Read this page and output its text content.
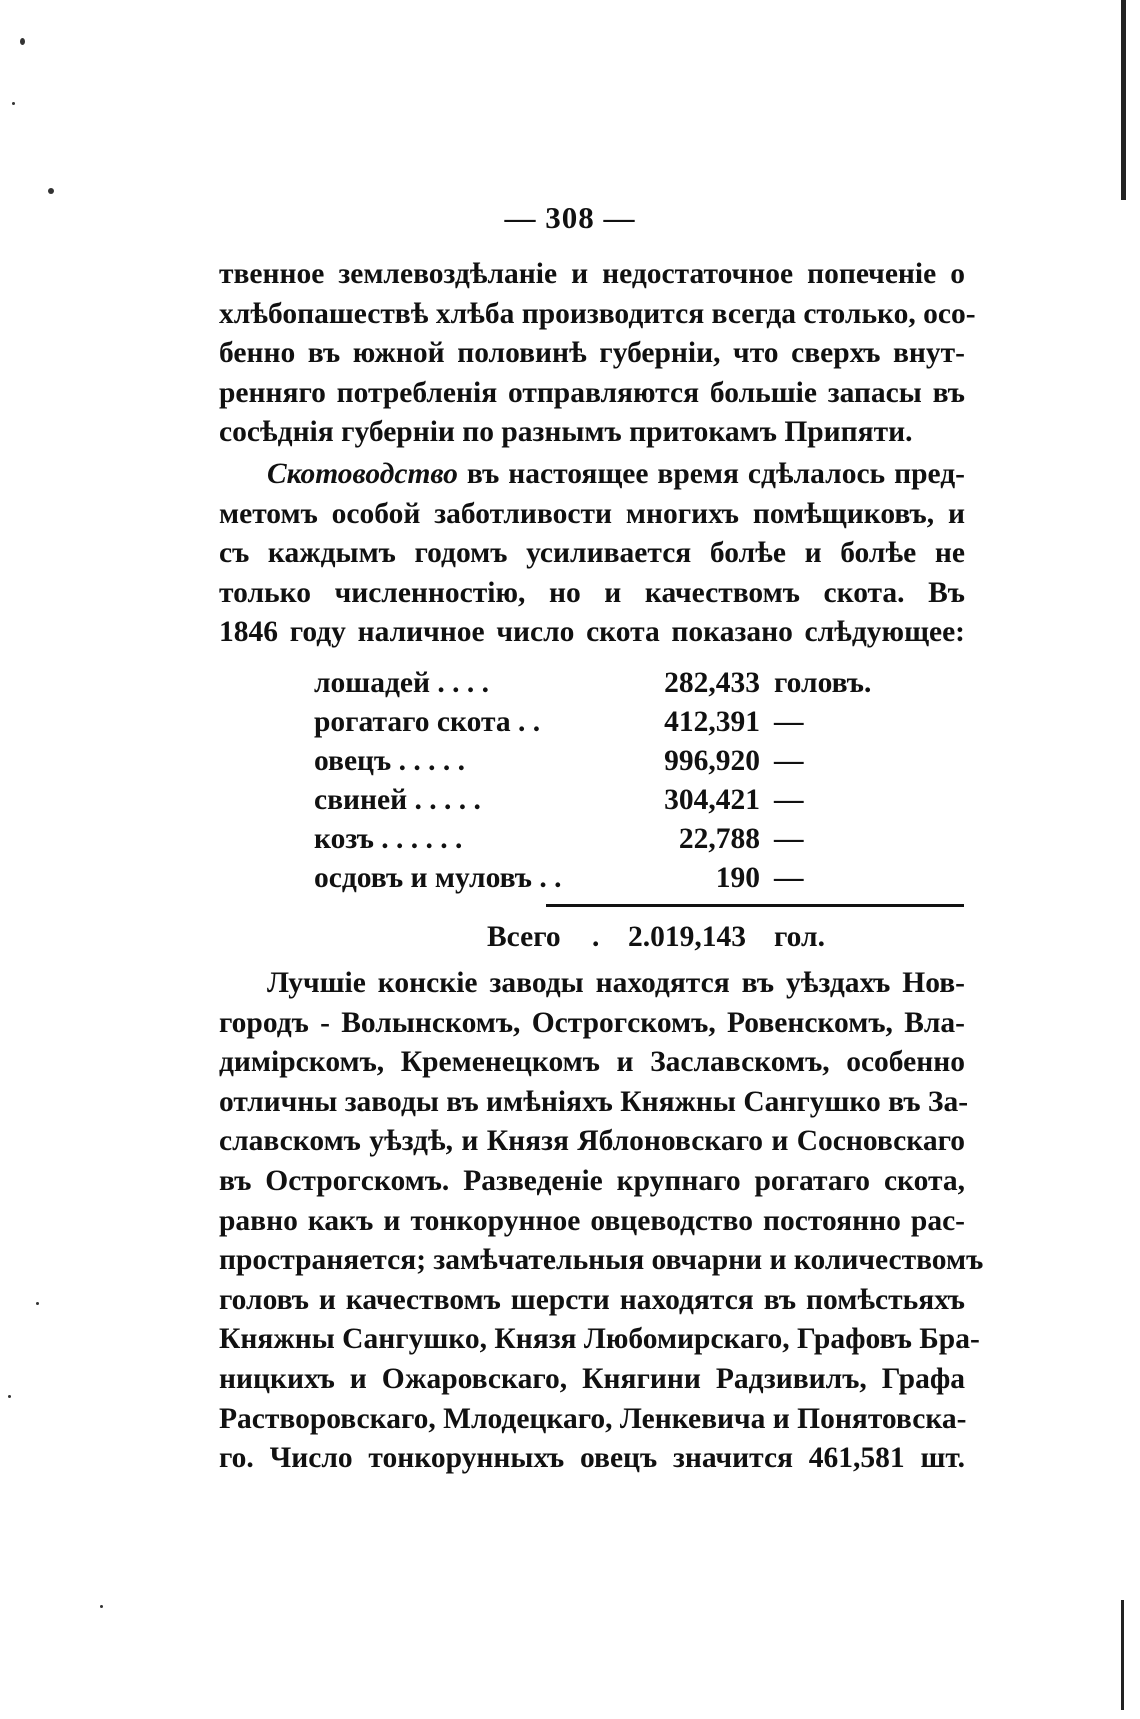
— 308 —
твенное землевоздѣланіе и недостаточное попеченіе о
хлѣбопашествѣ хлѣба производится всегда столько, осо-
бенно въ южной половинѣ губерніи, что сверхъ внут-
ренняго потребленія отправляются большіе запасы въ
сосѣднія губерніи по разнымъ притокамъ Припяти.
Скотоводство въ настоящее время сдѣлалось пред-
метомъ особой заботливости многихъ помѣщиковъ, и
съ каждымъ годомъ усиливается болѣе и болѣе не
только численностію, но и качествомъ скота. Въ
1846 году наличное число скота показано слѣдующее:
лошадей . . . .	282,433 головъ.
рогатаго скота . .	412,391 —
овецъ . . . . .	996,920 —
свиней . . . . .	304,421 —
козъ . . . . . .	22,788 —
осдовъ и муловъ . .	190 —
Всего . 2.019,143 гол.
Лучшіе конскіе заводы находятся въ уѣздахъ Нов-
городъ - Волынскомъ, Острогскомъ, Ровенскомъ, Вла-
димірскомъ, Кременецкомъ и Заславскомъ, особенно
отличны заводы въ имѣніяхъ Княжны Сангушко въ За-
славскомъ уѣздѣ, и Князя Яблоновскаго и Сосновскаго
въ Острогскомъ. Разведеніе крупнаго рогатаго скота,
равно какъ и тонкорунное овцеводство постоянно рас-
пространяется; замѣчательныя овчарни и количествомъ
головъ и качествомъ шерсти находятся въ помѣстьяхъ
Княжны Сангушко, Князя Любомирскаго, Графовъ Бра-
ницкихъ и Ожаровскаго, Княгини Радзивилъ, Графа
Растворовскаго, Млодецкаго, Ленкевича и Понятовска-
го. Число тонкорунныхъ овецъ значится 461,581 шт.
